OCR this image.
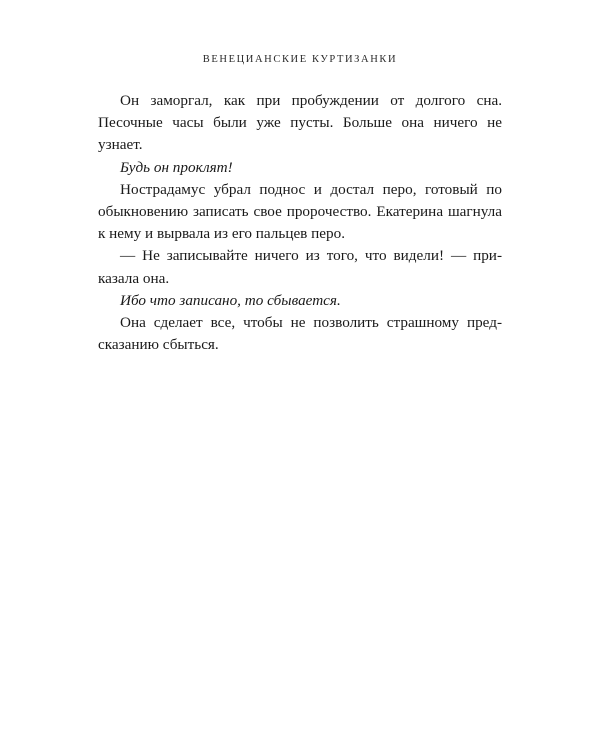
ВЕНЕЦИАНСКИЕ КУРТИЗАНКИ

Он заморгал, как при пробуждении от долгого сна. Песочные часы были уже пусты. Больше она ничего не узнает.

Будь он проклят!

Нострадамус убрал поднос и достал перо, готовый по обыкновению записать свое пророчество. Екатерина шагнула к нему и вырвала из его пальцев перо.

— Не записывайте ничего из того, что видели! — приказала она.

Ибо что записано, то сбывается.

Она сделает все, чтобы не позволить страшному предсказанию сбыться.
